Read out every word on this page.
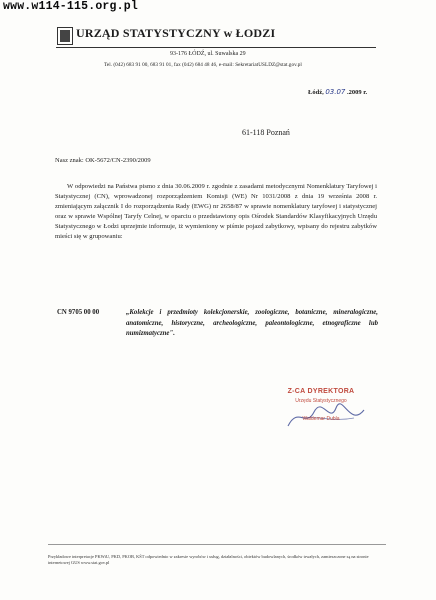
www.w114-115.org.pl
URZĄD STATYSTYCZNY w ŁODZI
93-176 ŁÓDŹ, ul. Suwalska 29
Tel. (042) 683 91 00, 683 91 01, fax (042) 684 48 46, e-mail: SekretariatUSLDZ@stat.gov.pl
Łódź, 03.07 .2009 r.
61-118 Poznań
Nasz znak: OK-5672/CN-2390/2009
W odpowiedzi na Państwa pismo z dnia 30.06.2009 r. zgodnie z zasadami metodycznymi Nomenklatury Taryfowej i Statystycznej (CN), wprowadzonej rozporządzeniem Komisji (WE) Nr 1031/2008 z dnia 19 września 2008 r. zmieniającym załącznik I do rozporządzenia Rady (EWG) nr 2658/87 w sprawie nomenklatury taryfowej i statystycznej oraz w sprawie Wspólnej Taryfy Celnej, w oparciu o przedstawiony opis Ośrodek Standardów Klasyfikacyjnych Urzędu Statystycznego w Łodzi uprzejmie informuje, iż wymieniony w piśmie pojazd zabytkowy, wpisany do rejestru zabytków mieści się w grupowaniu:
CN 9705 00 00	„Kolekcje i przedmioty kolekcjonerskie, zoologiczne, botaniczne, mineralogiczne, anatomiczne, historyczne, archeologiczne, paleontologiczne, etnograficzne lub numizmatyczne".
Z-CA DYREKTORA
Urzędu Statystycznego
Waldemar Dubla
Przykładowe interpretacje PKWiU, PKD, PKOB, KŚT odpowiednio w zakresie wyrobów i usług, działalności, obiektów budowlanych, środków trwałych, zamieszczone są na stronie internetowej GUS www.stat.gov.pl
